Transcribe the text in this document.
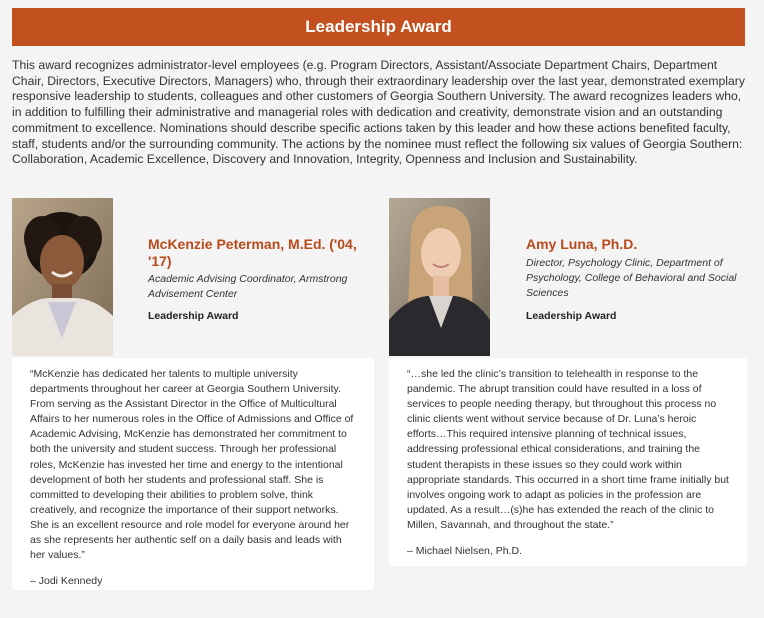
Leadership Award
This award recognizes administrator-level employees (e.g. Program Directors, Assistant/Associate Department Chairs, Department Chair, Directors, Executive Directors, Managers) who, through their extraordinary leadership over the last year, demonstrated exemplary responsive leadership to students, colleagues and other customers of Georgia Southern University. The award recognizes leaders who, in addition to fulfilling their administrative and managerial roles with dedication and creativity, demonstrate vision and an outstanding commitment to excellence. Nominations should describe specific actions taken by this leader and how these actions benefited faculty, staff, students and/or the surrounding community. The actions by the nominee must reflect the following six values of Georgia Southern: Collaboration, Academic Excellence, Discovery and Innovation, Integrity, Openness and Inclusion and Sustainability.
McKenzie Peterman, M.Ed. ('04, '17)
Academic Advising Coordinator, Armstrong Advisement Center
Leadership Award
“McKenzie has dedicated her talents to multiple university departments throughout her career at Georgia Southern University. From serving as the Assistant Director in the Office of Multicultural Affairs to her numerous roles in the Office of Admissions and Office of Academic Advising, McKenzie has demonstrated her commitment to both the university and student success. Through her professional roles, McKenzie has invested her time and energy to the intentional development of both her students and professional staff. She is committed to developing their abilities to problem solve, think creatively, and recognize the importance of their support networks. She is an excellent resource and role model for everyone around her as she represents her authentic self on a daily basis and leads with her values.”
– Jodi Kennedy
Amy Luna, Ph.D.
Director, Psychology Clinic, Department of Psychology, College of Behavioral and Social Sciences
Leadership Award
“…she led the clinic’s transition to telehealth in response to the pandemic. The abrupt transition could have resulted in a loss of services to people needing therapy, but throughout this process no clinic clients went without service because of Dr. Luna’s heroic efforts…This required intensive planning of technical issues, addressing professional ethical considerations, and training the student therapists in these issues so they could work within appropriate standards. This occurred in a short time frame initially but involves ongoing work to adapt as policies in the profession are updated. As a result…(s)he has extended the reach of the clinic to Millen, Savannah, and throughout the state.”
– Michael Nielsen, Ph.D.
